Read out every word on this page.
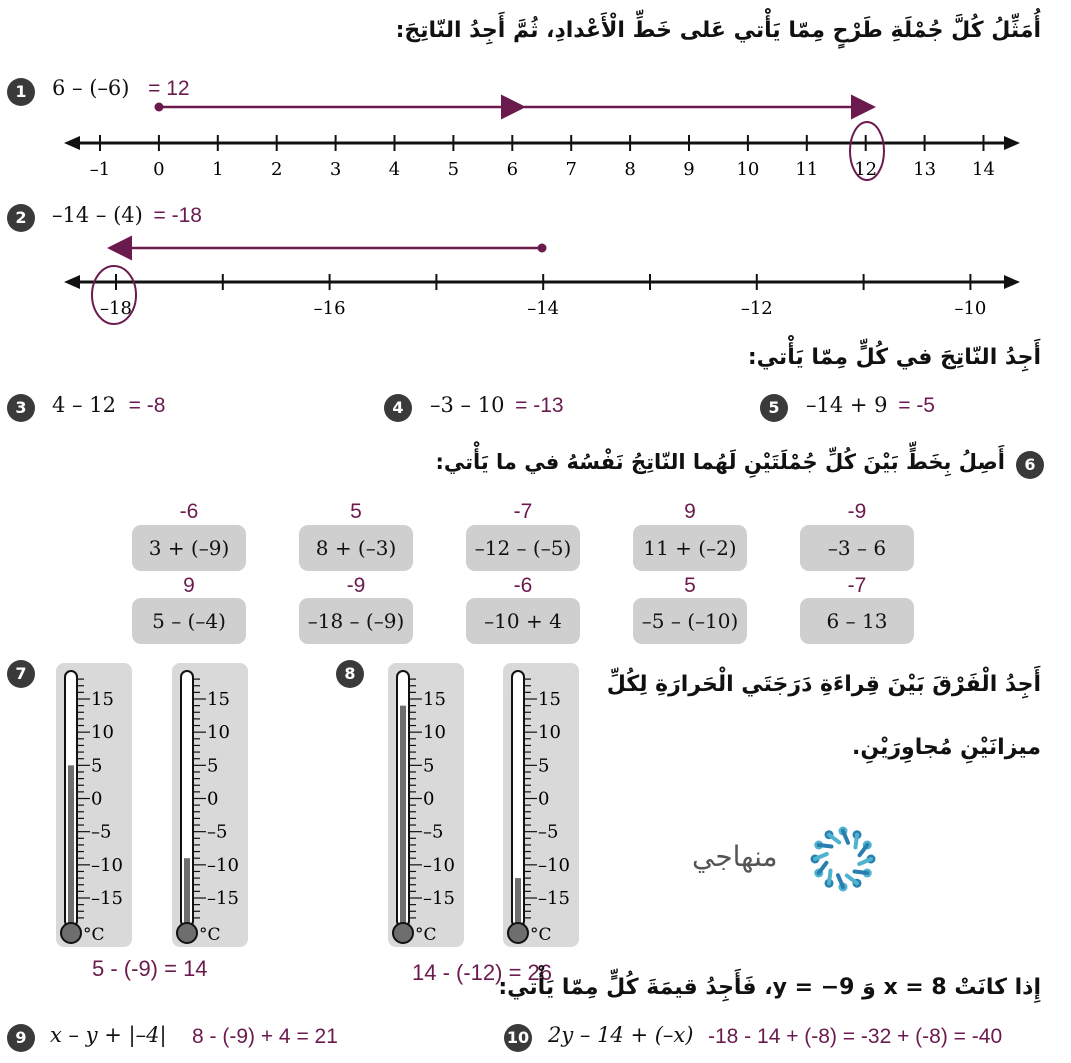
أُمَثِّلُ كُلَّ جُمْلَةِ طَرْحٍ مِمّا يَأْتي عَلى خَطِّ الْأَعْدادِ، ثُمَّ أَجِدُ النّاتِجَ:
1	6 – (–6) = 12
–1 0	1	2	3	4	5	6	7	8	9 10 11 12 13 14
2	–14 – (4) = -18
–18	–16	–14	–12	–10
أَجِدُ النّاتِجَ في كُلٍّ مِمّا يَأْتي:
3	4 – 12 = -8	4	–3 – 10 = -13	5	–14 + 9 = -5
6
أَصِلُ بِخَطٍّ بَيْنَ كُلِّ جُمْلَتَيْنِ لَهُما النّاتِجُ نَفْسُهُ في ما يَأْتي:
-6
3 + (–9)
5
8 + (–3)
-7
–12 – (–5)
9
11 + (–2)
-9
–3 – 6
9
5 – (–4)
-9
–18 – (–9)
-6
–10 + 4
5
–5 – (–10)
-7
6 – 13
7	8
15
10
5
0
–5
–10
–15
°C
15
10
5
0
–5
–10
–15
°C
15
10
5
0
–5
–10
–15
°C
15
10
5
0
–5
–10
–15
°C
5 - (-9) = 14	14 - (-12) = 26
أَجِدُ الْفَرْقَ بَيْنَ قِراءَةِ دَرَجَتَي الْحَرارَةِ لِكُلِّ
ميزانَيْنِ مُجاوِرَيْنِ.
منهاجي
إِذا كانَتْ x = 8 وَ y = −9، فَأَجِدُ قيمَةَ كُلٍّ مِمّا يَأْتي:
9	x – y + |–4| 8 - (-9) + 4 = 21	10 2y – 14 + (–x) -18 - 14 + (-8) = -32 + (-8) = -40
